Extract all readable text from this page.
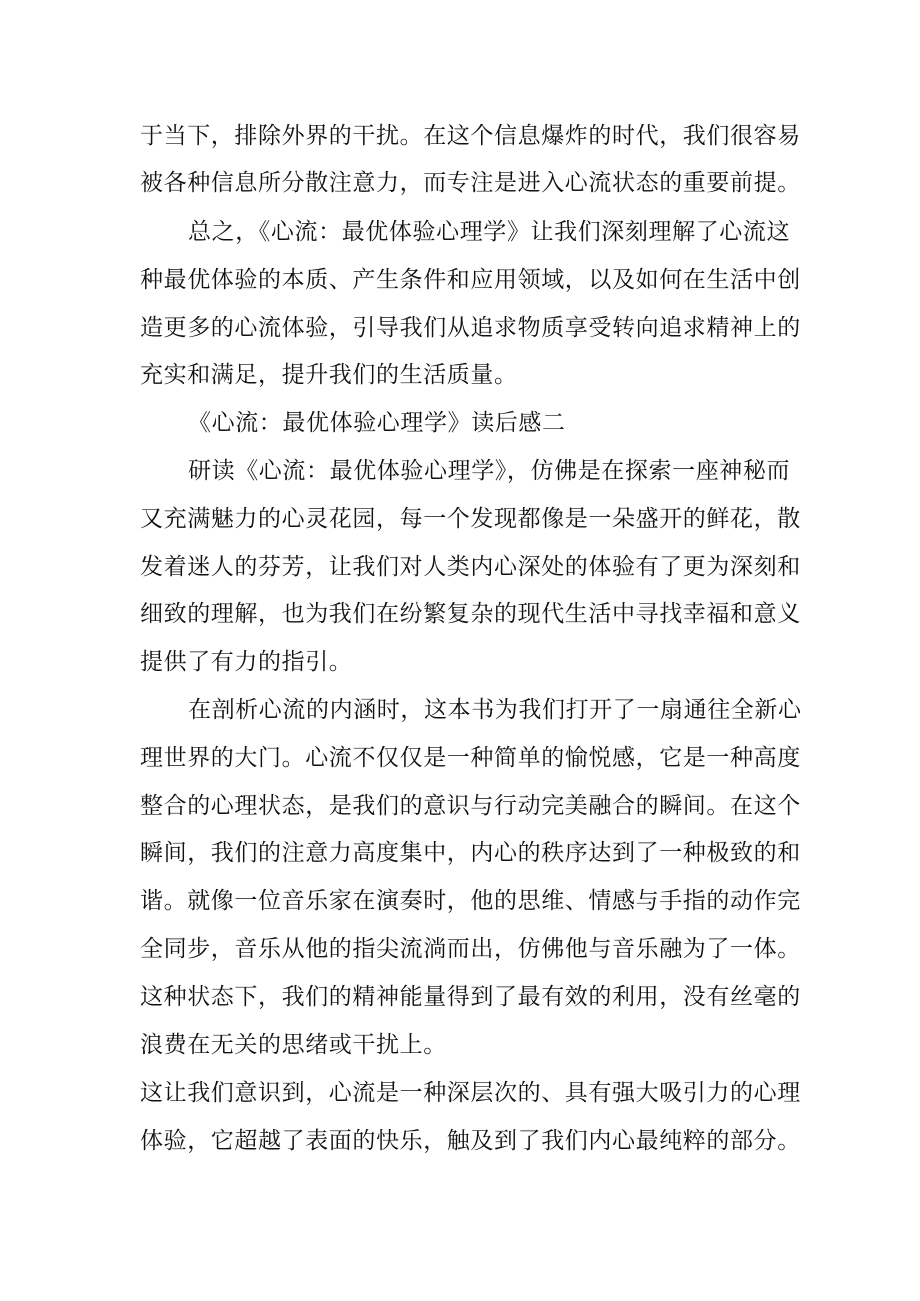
于当下，排除外界的干扰。在这个信息爆炸的时代，我们很容易
被各种信息所分散注意力，而专注是进入心流状态的重要前提。
总之，《心流：最优体验心理学》让我们深刻理解了心流这
种最优体验的本质、产生条件和应用领域，以及如何在生活中创
造更多的心流体验，引导我们从追求物质享受转向追求精神上的
充实和满足，提升我们的生活质量。
《心流：最优体验心理学》读后感二
研读《心流：最优体验心理学》，仿佛是在探索一座神秘而
又充满魅力的心灵花园，每一个发现都像是一朵盛开的鲜花，散
发着迷人的芬芳，让我们对人类内心深处的体验有了更为深刻和
细致的理解，也为我们在纷繁复杂的现代生活中寻找幸福和意义
提供了有力的指引。
在剖析心流的内涵时，这本书为我们打开了一扇通往全新心
理世界的大门。心流不仅仅是一种简单的愉悦感，它是一种高度
整合的心理状态，是我们的意识与行动完美融合的瞬间。在这个
瞬间，我们的注意力高度集中，内心的秩序达到了一种极致的和
谐。就像一位音乐家在演奏时，他的思维、情感与手指的动作完
全同步，音乐从他的指尖流淌而出，仿佛他与音乐融为了一体。
这种状态下，我们的精神能量得到了最有效的利用，没有丝毫的
浪费在无关的思绪或干扰上。
这让我们意识到，心流是一种深层次的、具有强大吸引力的心理
体验，它超越了表面的快乐，触及到了我们内心最纯粹的部分。
